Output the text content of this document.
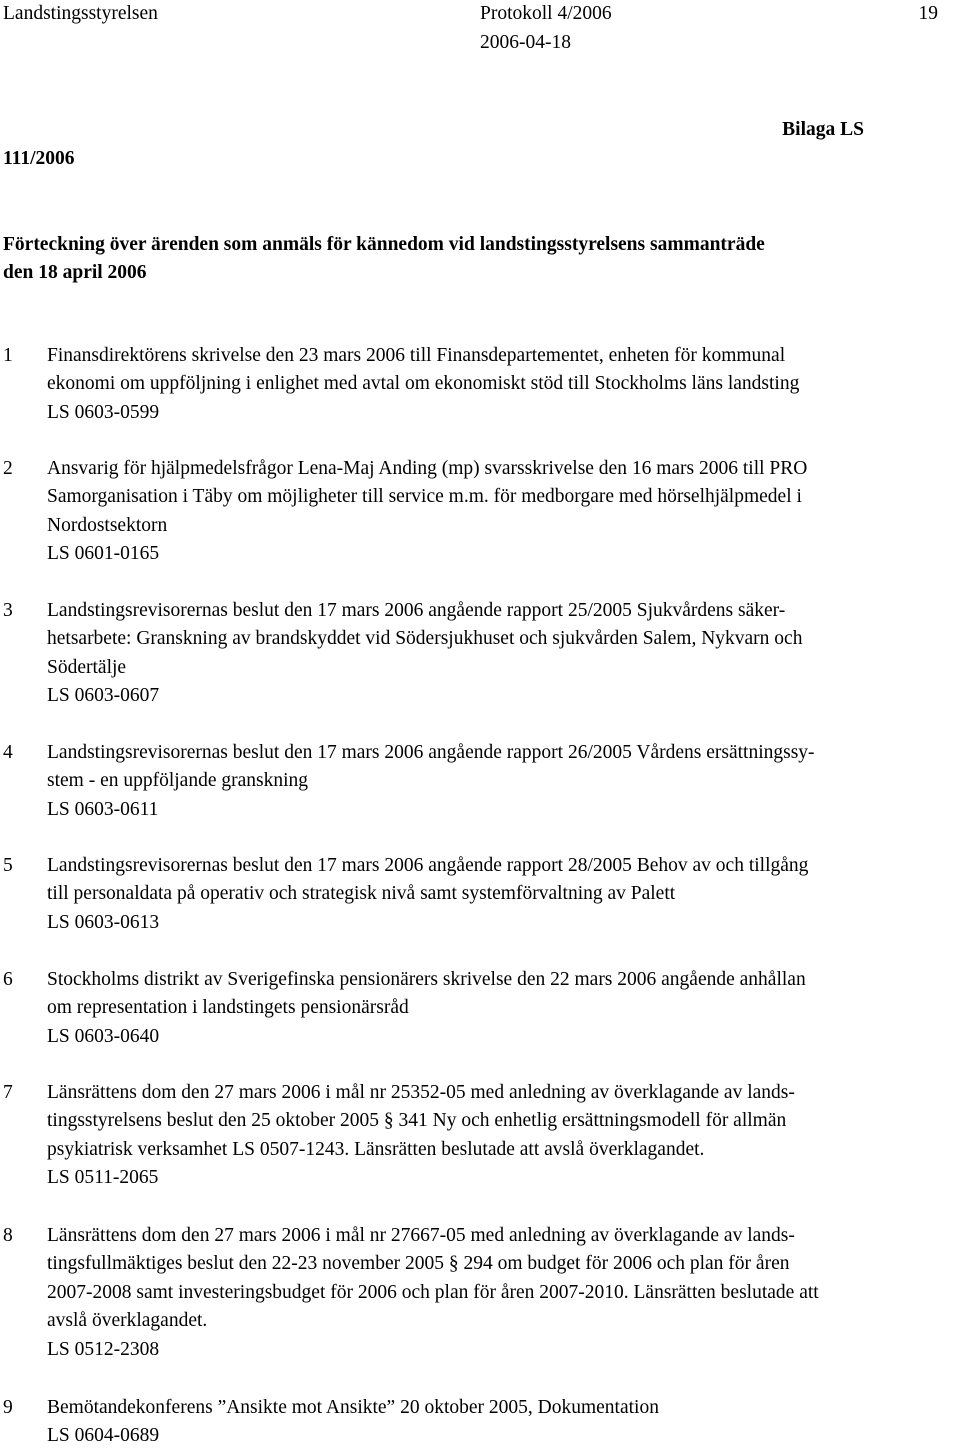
Landstingsstyrelsen	Protokoll 4/2006
2006-04-18
19
Bilaga LS
111/2006
Förteckning över ärenden som anmäls för kännedom vid landstingsstyrelsens sammanträde
den 18 april 2006
1 Finansdirektörens skrivelse den 23 mars 2006 till Finansdepartementet, enheten för kommunal
ekonomi om uppföljning i enlighet med avtal om ekonomiskt stöd till Stockholms läns landsting
LS 0603-0599
2 Ansvarig för hjälpmedelsfrågor Lena-Maj Anding (mp) svarsskrivelse den 16 mars 2006 till PRO
Samorganisation i Täby om möjligheter till service m.m. för medborgare med hörselhjälpmedel i
Nordostsektorn
LS 0601-0165
3 Landstingsrevisorernas beslut den 17 mars 2006 angående rapport 25/2005 Sjukvårdens säker-
hetsarbete: Granskning av brandskyddet vid Södersjukhuset och sjukvården Salem, Nykvarn och
Södertälje
LS 0603-0607
4 Landstingsrevisorernas beslut den 17 mars 2006 angående rapport 26/2005 Vårdens ersättningssy-
stem - en uppföljande granskning
LS 0603-0611
5 Landstingsrevisorernas beslut den 17 mars 2006 angående rapport 28/2005 Behov av och tillgång
till personaldata på operativ och strategisk nivå samt systemförvaltning av Palett
LS 0603-0613
6 Stockholms distrikt av Sverigefinska pensionärers skrivelse den 22 mars 2006 angående anhållan
om representation i landstingets pensionärsråd
LS 0603-0640
7 Länsrättens dom den 27 mars 2006 i mål nr 25352-05 med anledning av överklagande av lands-
tingsstyrelsens beslut den 25 oktober 2005 § 341 Ny och enhetlig ersättningsmodell för allmän
psykiatrisk verksamhet LS 0507-1243. Länsrätten beslutade att avslå överklagandet.
LS 0511-2065
8 Länsrättens dom den 27 mars 2006 i mål nr 27667-05 med anledning av överklagande av lands-
tingsfullmäktiges beslut den 22-23 november 2005 § 294 om budget för 2006 och plan för åren
2007-2008 samt investeringsbudget för 2006 och plan för åren 2007-2010. Länsrätten beslutade att
avslå överklagandet.
LS 0512-2308
9 Bemötandekonferens ”Ansikte mot Ansikte” 20 oktober 2005, Dokumentation
LS 0604-0689
